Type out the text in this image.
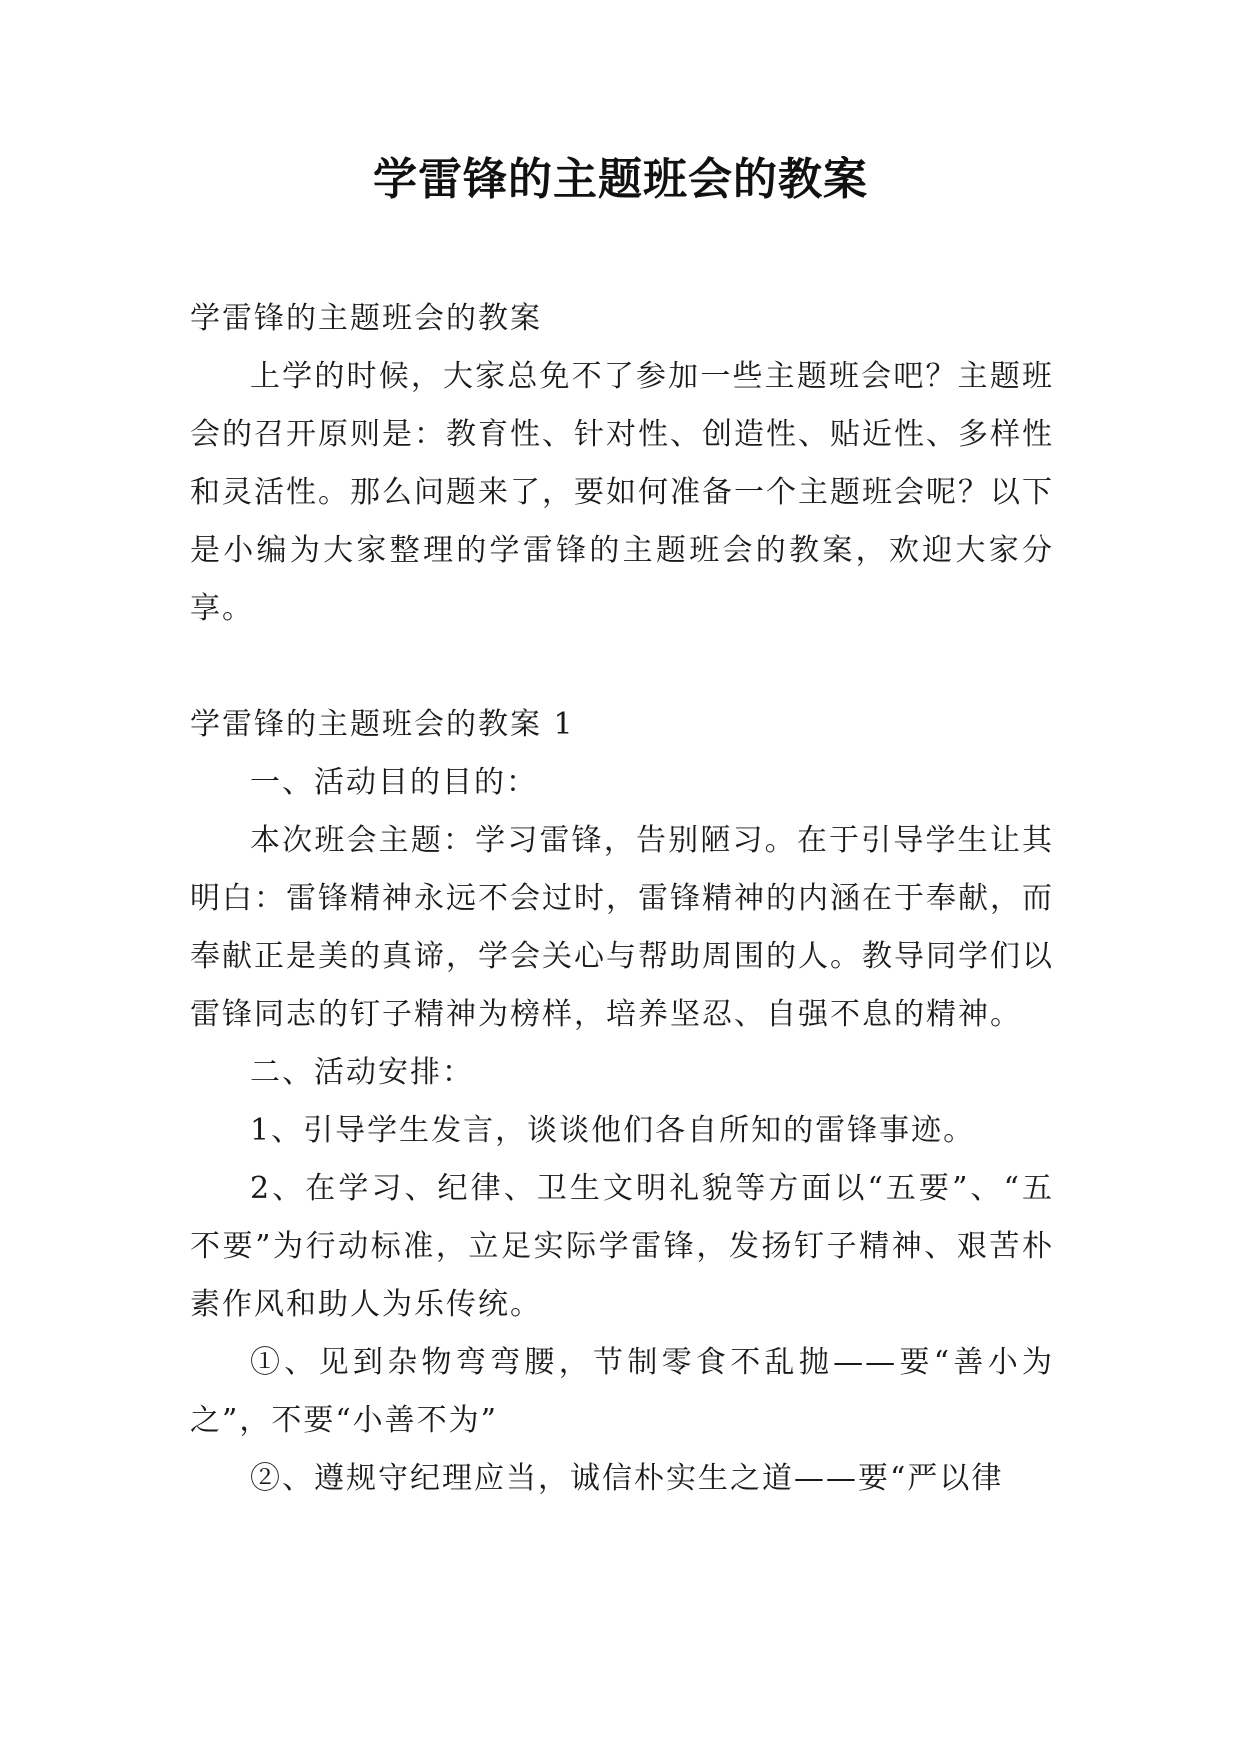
学雷锋的主题班会的教案

学雷锋的主题班会的教案

上学的时候，大家总免不了参加一些主题班会吧？主题班会的召开原则是：教育性、针对性、创造性、贴近性、多样性和灵活性。那么问题来了，要如何准备一个主题班会呢？以下是小编为大家整理的学雷锋的主题班会的教案，欢迎大家分享。

学雷锋的主题班会的教案 1

一、活动目的目的：

本次班会主题：学习雷锋，告别陋习。在于引导学生让其明白：雷锋精神永远不会过时，雷锋精神的内涵在于奉献，而奉献正是美的真谛，学会关心与帮助周围的人。教导同学们以雷锋同志的钉子精神为榜样，培养坚忍、自强不息的精神。

二、活动安排：

1、引导学生发言，谈谈他们各自所知的雷锋事迹。

2、在学习、纪律、卫生文明礼貌等方面以“五要”、“五不要”为行动标准，立足实际学雷锋，发扬钉子精神、艰苦朴素作风和助人为乐传统。

①、见到杂物弯弯腰，节制零食不乱抛——要“善小为之”，不要“小善不为”

②、遵规守纪理应当，诚信朴实生之道——要“严以律
